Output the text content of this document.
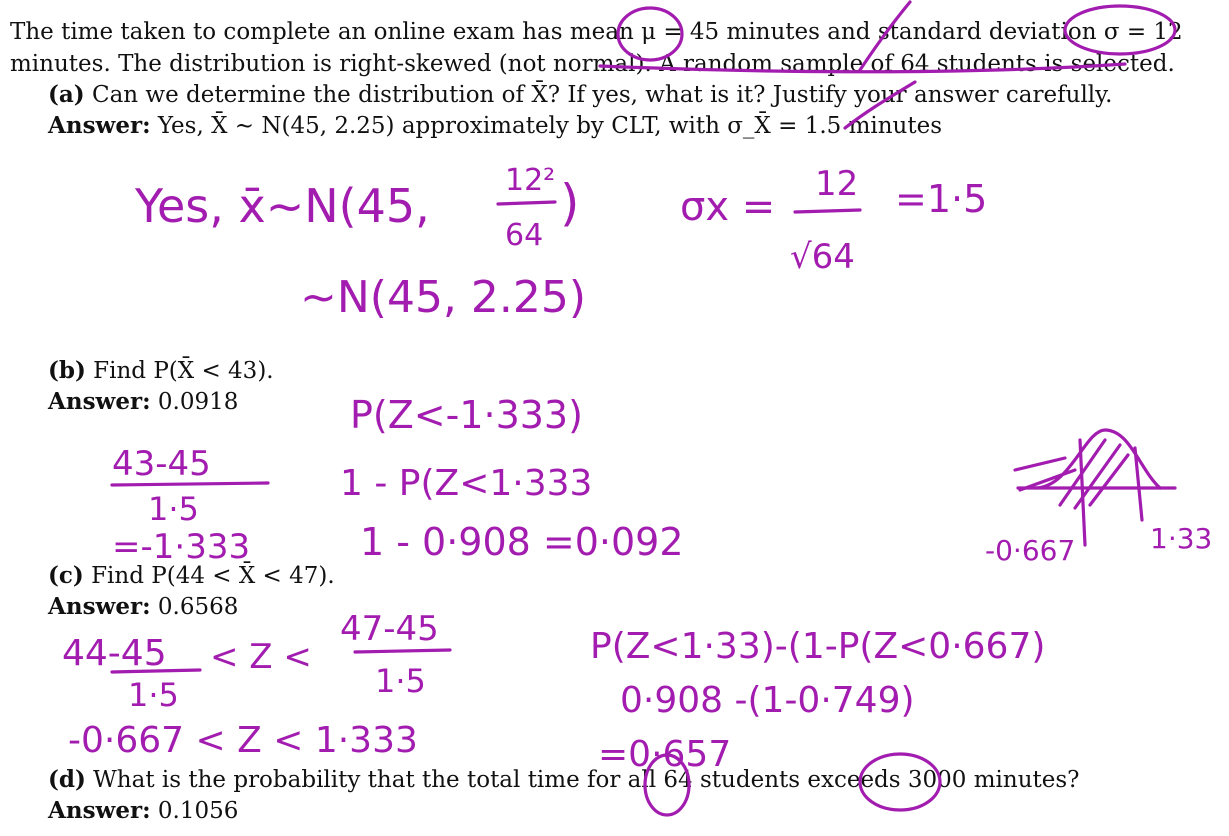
The time taken to complete an online exam has mean μ = 45 minutes and standard deviation σ = 12
minutes. The distribution is right-skewed (not normal). A random sample of 64 students is selected.
(a) Can we determine the distribution of X̄? If yes, what is it? Justify your answer carefully.
Answer: Yes, X̄ ∼ N(45, 2.25) approximately by CLT, with σ_X̄ = 1.5 minutes
(b) Find P(X̄ < 43).
Answer: 0.0918
(c) Find P(44 < X̄ < 47).
Answer: 0.6568
(d) What is the probability that the total time for all 64 students exceeds 3000 minutes?
Answer: 0.1056
Yes, x̄~N(45,	12²
64
)	σx = 12
√64
=1·5
~N(45, 2.25)
43-45
1·5
=-1·333
P(Z<-1·333)
1 - P(Z<1·333
1 - 0·908 =0·092	-0·667	1·33
44-45
1·5
< Z <
47-45
1·5
-0·667 < Z < 1·333
P(Z<1·33)-(1-P(Z<0·667)
0·908 -(1-0·749)
=0·657
